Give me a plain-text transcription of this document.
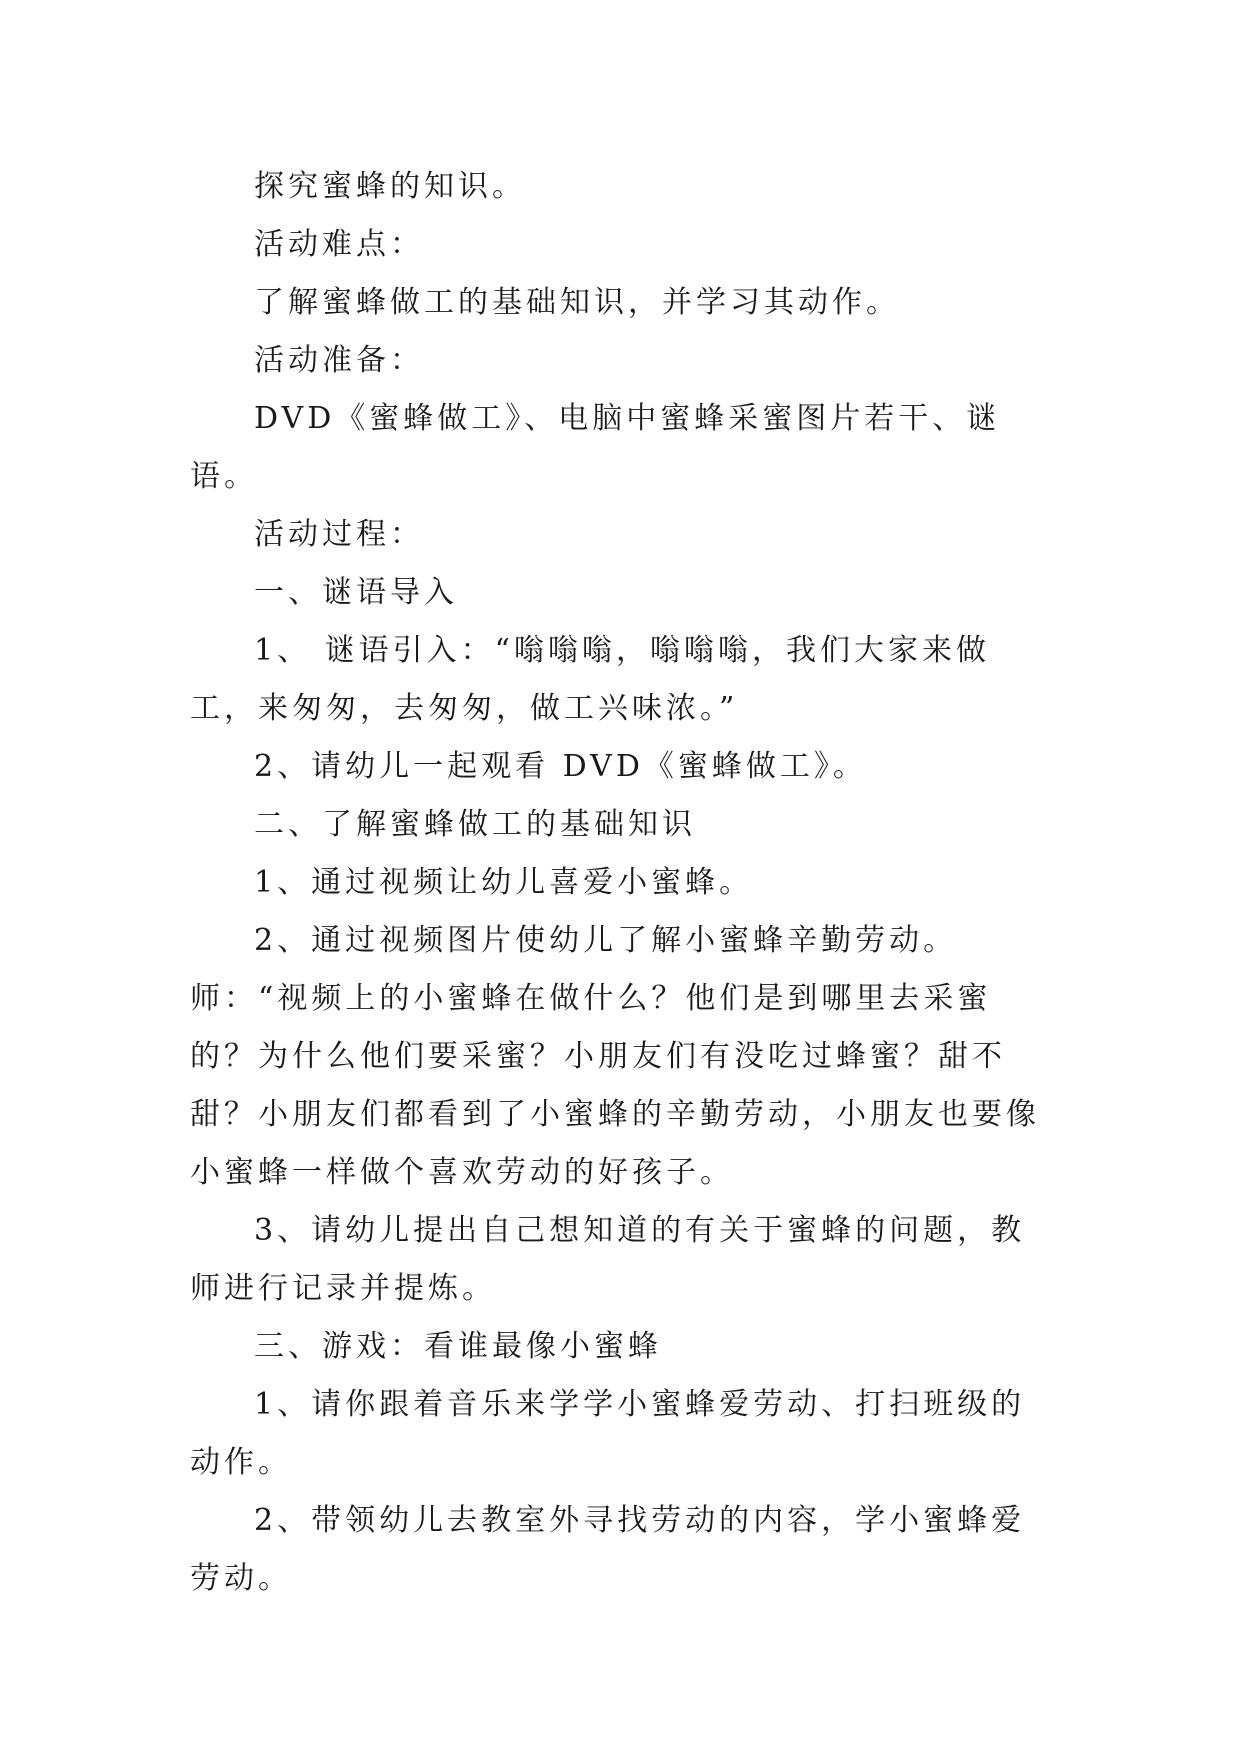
探究蜜蜂的知识。

活动难点：

了解蜜蜂做工的基础知识，并学习其动作。

活动准备：

DVD《蜜蜂做工》、电脑中蜜蜂采蜜图片若干、谜语。

活动过程：

一、谜语导入

1、 谜语引入：“嗡嗡嗡，嗡嗡嗡，我们大家来做工，来匆匆，去匆匆，做工兴味浓。”

2、请幼儿一起观看 DVD《蜜蜂做工》。

二、了解蜜蜂做工的基础知识

1、通过视频让幼儿喜爱小蜜蜂。

2、通过视频图片使幼儿了解小蜜蜂辛勤劳动。师：“视频上的小蜜蜂在做什么？他们是到哪里去采蜜的？为什么他们要采蜜？小朋友们有没吃过蜂蜜？甜不甜？小朋友们都看到了小蜜蜂的辛勤劳动，小朋友也要像小蜜蜂一样做个喜欢劳动的好孩子。

3、请幼儿提出自己想知道的有关于蜜蜂的问题，教师进行记录并提炼。

三、游戏：看谁最像小蜜蜂

1、请你跟着音乐来学学小蜜蜂爱劳动、打扫班级的动作。

2、带领幼儿去教室外寻找劳动的内容，学小蜜蜂爱劳动。
